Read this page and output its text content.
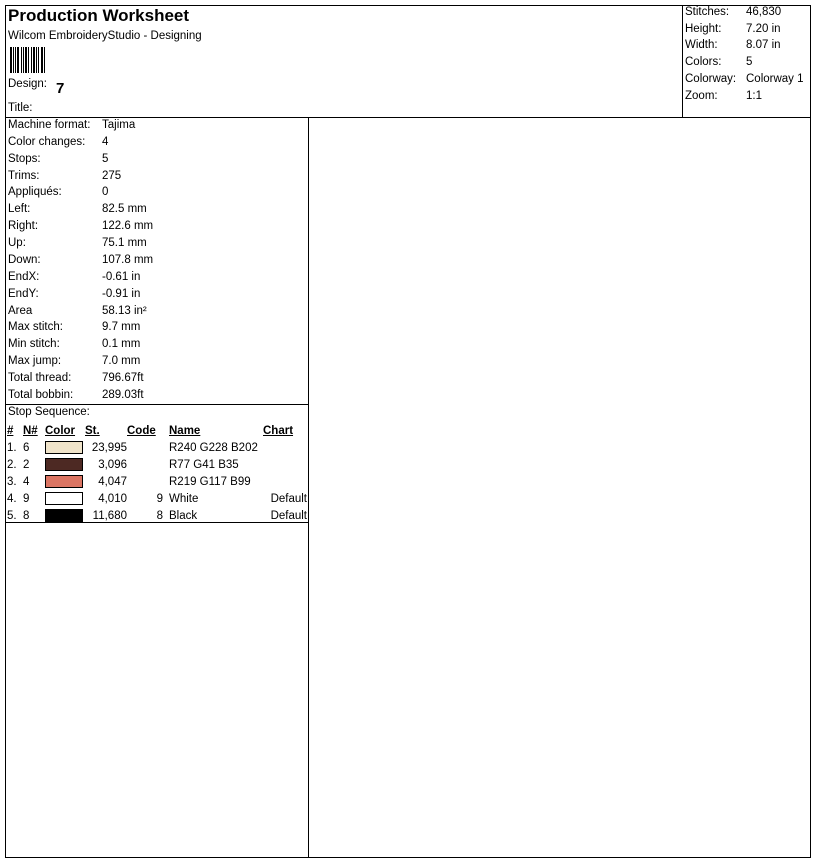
Production Worksheet
Wilcom EmbroideryStudio - Designing
Design: 7
Title:
Stitches: 46,830
Height: 7.20 in
Width: 8.07 in
Colors: 5
Colorway: Colorway 1
Zoom: 1:1
Machine format: Tajima
Color changes: 4
Stops:	5
Trims:	275
Appliqués:	0
Left:	82.5 mm
Right:	122.6 mm
Up:	75.1 mm
Down:	107.8 mm
EndX:	-0.61 in
EndY:	-0.91 in
Area	58.13 in²
Max stitch:	9.7 mm
Min stitch:	0.1 mm
Max jump:	7.0 mm
Total thread:	796.67ft
Total bobbin:	289.03ft
Stop Sequence:
#	N#	Color	St.	Code	Name	Chart
1.	6		23,995		R240 G228 B202	
2.	2		3,096		R77 G41 B35	
3.	4		4,047		R219 G117 B99	
4.	9		4,010	9	White	Default
5.	8		11,680	8	Black	Default
